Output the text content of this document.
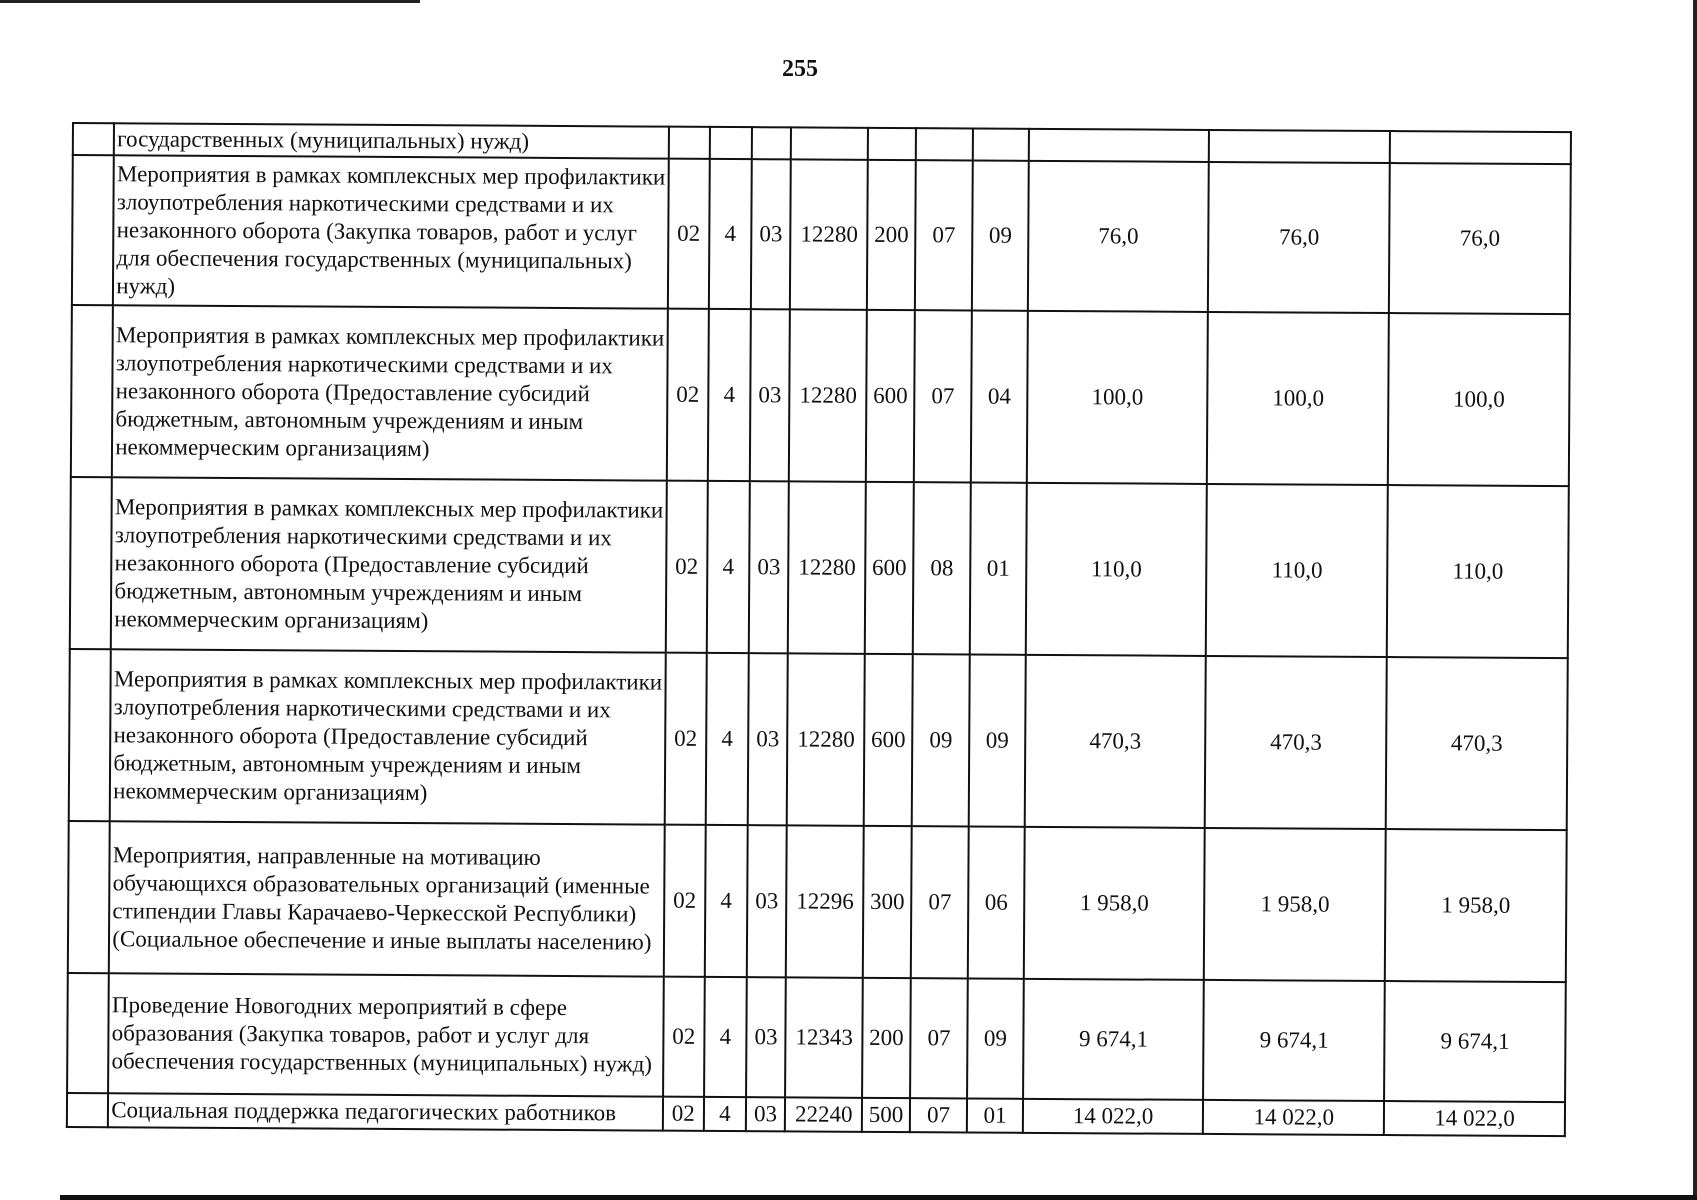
255
	государственных (муниципальных) нужд)										
	Мероприятия в рамках комплексных мер профилактики злоупотребления наркотическими средствами и их незаконного оборота (Закупка товаров, работ и услуг для обеспечения государственных (муниципальных) нужд)	02	4	03	12280	200	07	09	76,0	76,0	76,0
	Мероприятия в рамках комплексных мер профилактики злоупотребления наркотическими средствами и их незаконного оборота (Предоставление субсидий бюджетным, автономным учреждениям и иным некоммерческим организациям)	02	4	03	12280	600	07	04	100,0	100,0	100,0
	Мероприятия в рамках комплексных мер профилактики злоупотребления наркотическими средствами и их незаконного оборота (Предоставление субсидий бюджетным, автономным учреждениям и иным некоммерческим организациям)	02	4	03	12280	600	08	01	110,0	110,0	110,0
	Мероприятия в рамках комплексных мер профилактики злоупотребления наркотическими средствами и их незаконного оборота (Предоставление субсидий бюджетным, автономным учреждениям и иным некоммерческим организациям)	02	4	03	12280	600	09	09	470,3	470,3	470,3
	Мероприятия, направленные на мотивацию обучающихся образовательных организаций (именные стипендии Главы Карачаево-Черкесской Республики) (Социальное обеспечение и иные выплаты населению)	02	4	03	12296	300	07	06	1 958,0	1 958,0	1 958,0
	Проведение Новогодних мероприятий в сфере образования (Закупка товаров, работ и услуг для обеспечения государственных (муниципальных) нужд)	02	4	03	12343	200	07	09	9 674,1	9 674,1	9 674,1
	Социальная поддержка педагогических работников	02	4	03	22240	500	07	01	14 022,0	14 022,0	14 022,0
